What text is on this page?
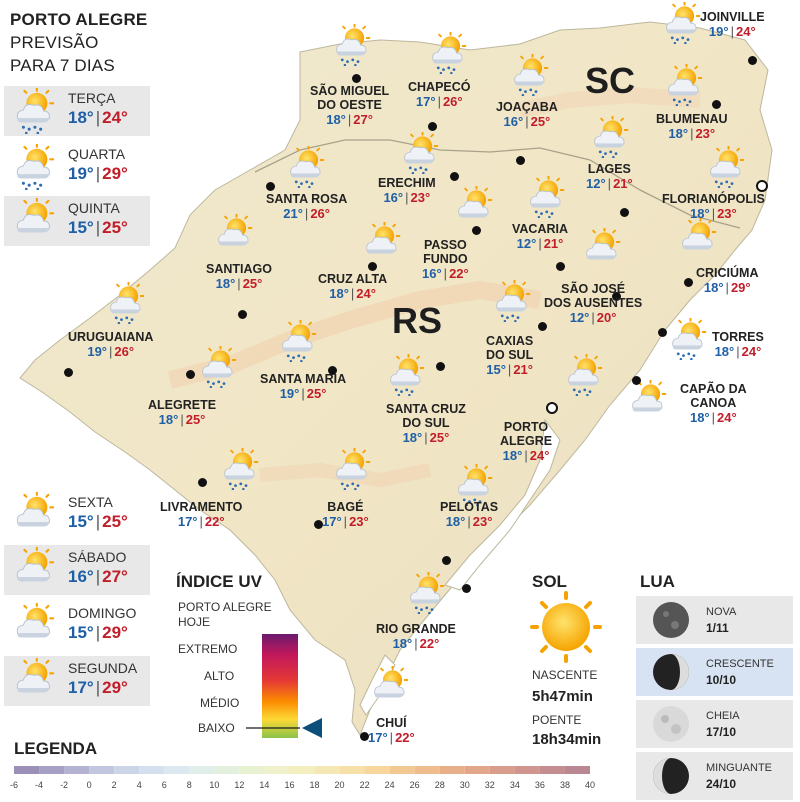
PORTO ALEGRE
PREVISÃO
PARA 7 DIAS
TERÇA
18° | 24°
QUARTA
19° | 29°
QUINTA
15° | 25°
SEXTA
15° | 25°
SÁBADO
16° | 27°
DOMINGO
15° | 29°
SEGUNDA
17° | 29°
SC
RS
JOINVILLE
19° | 24°
SÃO MIGUEL
DO OESTE
18° | 27°
CHAPECÓ
17° | 26°	JOAÇABA
16° | 25°	BLUMENAU
18° | 23°
LAGES
12° | 21°
FLORIANÓPOLIS
18° | 23°
SANTA ROSA
21° | 26°
ERECHIM
16° | 23°
VACARIA
12° | 21°
PASSO
FUNDO
16° | 22°
SANTIAGO
18° | 25°	CRUZ ALTA
18° | 24°	SÃO JOSÉ
DOS AUSENTES
12° | 20°
CRICIÚMA
18° | 29°
URUGUAIANA
19° | 26°
CAXIAS
DO SUL
15° | 21°
TORRES
18° | 24°
SANTA MARIA
19° | 25°
ALEGRETE
18° | 25°
CAPÃO DA
CANOA
18° | 24°
SANTA CRUZ
DO SUL
18° | 25°
PORTO
ALEGRE
18° | 24°
LIVRAMENTO
17° | 22°
BAGÉ
17° | 23°
PELOTAS
18° | 23°
RIO GRANDE
18° | 22°
CHUÍ
17° | 22°
ÍNDICE UV
PORTO ALEGRE
HOJE
EXTREMO
ALTO
MÉDIO
BAIXO
SOL
NASCENTE
5h47min
POENTE
18h34min
LUA
NOVA
1/11
CRESCENTE
10/10
CHEIA
17/10
MINGUANTE
24/10
LEGENDA
-6	-4	-2	0	2	4	6	8	10	12	14	16	18	20	22	24	26	28	30	32	34	36	38	40
